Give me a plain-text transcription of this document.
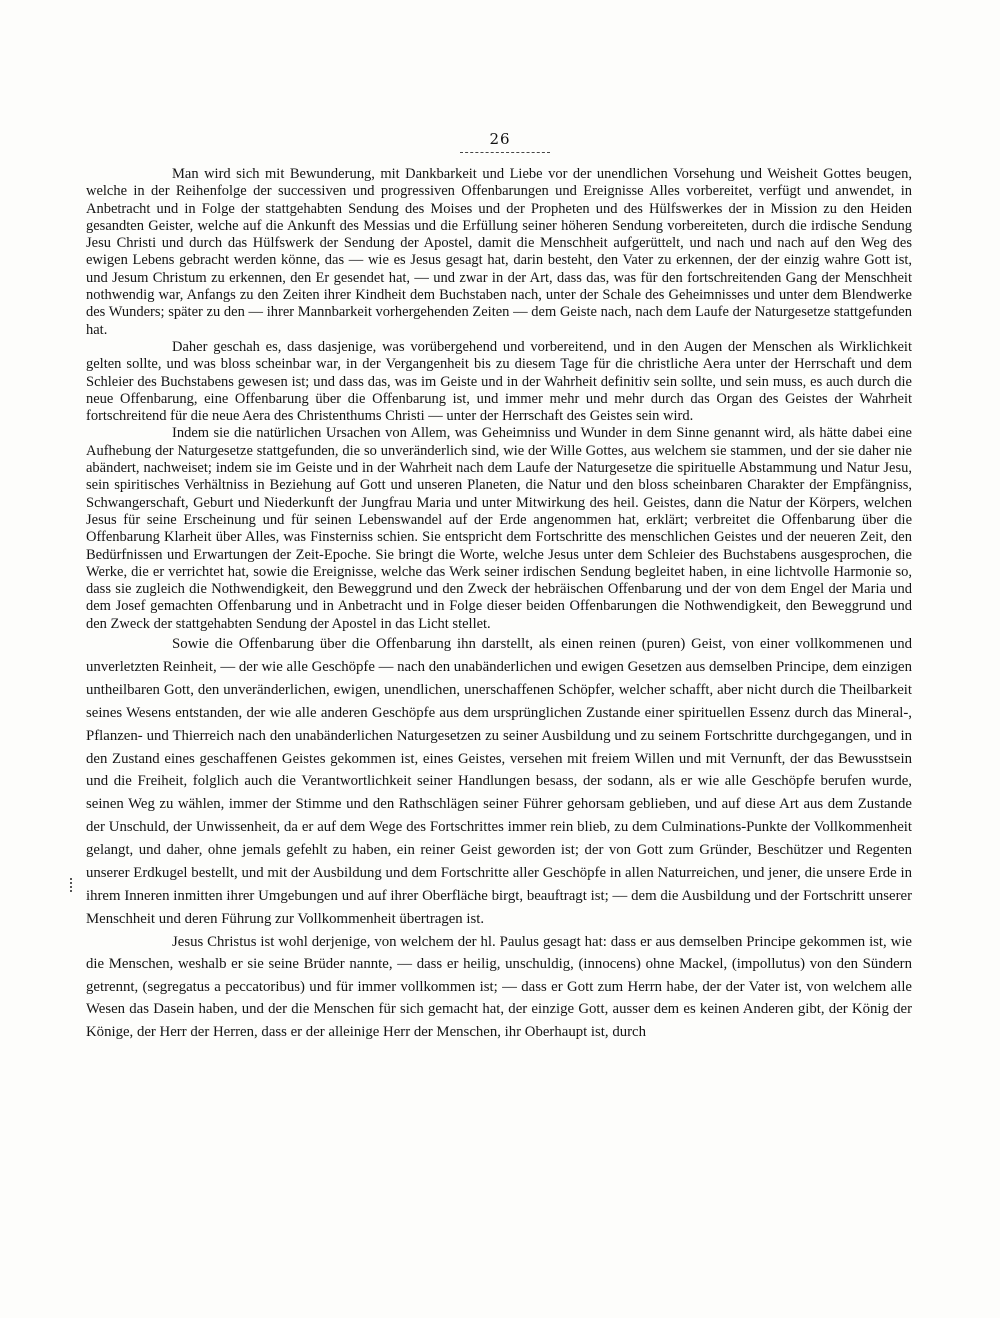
26

Man wird sich mit Bewunderung, mit Dankbarkeit und Liebe vor der unendlichen Vorsehung und Weisheit Gottes beugen, welche in der Reihenfolge der successiven und progressiven Offenbarungen und Ereignisse Alles vorbereitet, verfügt und anwendet, in Anbetracht und in Folge der stattgehabten Sendung des Moises und der Propheten und des Hülfswerkes der in Mission zu den Heiden gesandten Geister, welche auf die Ankunft des Messias und die Erfüllung seiner höheren Sendung vorbereiteten, durch die irdische Sendung Jesu Christi und durch das Hülfswerk der Sendung der Apostel, damit die Menschheit aufgerüttelt, und nach und nach auf den Weg des ewigen Lebens gebracht werden könne, das — wie es Jesus gesagt hat, darin besteht, den Vater zu erkennen, der der einzig wahre Gott ist, und Jesum Christum zu erkennen, den Er gesendet hat, — und zwar in der Art, dass das, was für den fortschreitenden Gang der Menschheit nothwendig war, Anfangs zu den Zeiten ihrer Kindheit dem Buchstaben nach, unter der Schale des Geheimnisses und unter dem Blendwerke des Wunders; später zu den — ihrer Mannbarkeit vorhergehenden Zeiten — dem Geiste nach, nach dem Laufe der Naturgesetze stattgefunden hat.

Daher geschah es, dass dasjenige, was vorübergehend und vorbereitend, und in den Augen der Menschen als Wirklichkeit gelten sollte, und was bloss scheinbar war, in der Vergangenheit bis zu diesem Tage für die christliche Aera unter der Herrschaft und dem Schleier des Buchstabens gewesen ist; und dass das, was im Geiste und in der Wahrheit definitiv sein sollte, und sein muss, es auch durch die neue Offenbarung, eine Offenbarung über die Offenbarung ist, und immer mehr und mehr durch das Organ des Geistes der Wahrheit fortschreitend für die neue Aera des Christenthums Christi — unter der Herrschaft des Geistes sein wird.

Indem sie die natürlichen Ursachen von Allem, was Geheimniss und Wunder in dem Sinne genannt wird, als hätte dabei eine Aufhebung der Naturgesetze stattgefunden, die so unveränderlich sind, wie der Wille Gottes, aus welchem sie stammen, und der sie daher nie abändert, nachweiset; indem sie im Geiste und in der Wahrheit nach dem Laufe der Naturgesetze die spirituelle Abstammung und Natur Jesu, sein spiritisches Verhältniss in Beziehung auf Gott und unseren Planeten, die Natur und den bloss scheinbaren Charakter der Empfängniss, Schwangerschaft, Geburt und Niederkunft der Jungfrau Maria und unter Mitwirkung des heil. Geistes, dann die Natur der Körpers, welchen Jesus für seine Erscheinung und für seinen Lebenswandel auf der Erde angenommen hat, erklärt; verbreitet die Offenbarung über die Offenbarung Klarheit über Alles, was Finsterniss schien. Sie entspricht dem Fortschritte des menschlichen Geistes und der neueren Zeit, den Bedürfnissen und Erwartungen der Zeit-Epoche. Sie bringt die Worte, welche Jesus unter dem Schleier des Buchstabens ausgesprochen, die Werke, die er verrichtet hat, sowie die Ereignisse, welche das Werk seiner irdischen Sendung begleitet haben, in eine lichtvolle Harmonie so, dass sie zugleich die Nothwendigkeit, den Beweggrund und den Zweck der hebräischen Offenbarung und der von dem Engel der Maria und dem Josef gemachten Offenbarung und in Anbetracht und in Folge dieser beiden Offenbarungen die Nothwendigkeit, den Beweggrund und den Zweck der stattgehabten Sendung der Apostel in das Licht stellet.

Sowie die Offenbarung über die Offenbarung ihn darstellt, als einen reinen (puren) Geist, von einer vollkommenen und unverletzten Reinheit, — der wie alle Geschöpfe — nach den unabänderlichen und ewigen Gesetzen aus demselben Principe, dem einzigen untheilbaren Gott, den unveränderlichen, ewigen, unendlichen, unerschaffenen Schöpfer, welcher schafft, aber nicht durch die Theilbarkeit seines Wesens entstanden, der wie alle anderen Geschöpfe aus dem ursprünglichen Zustande einer spirituellen Essenz durch das Mineral-, Pflanzen- und Thierreich nach den unabänderlichen Naturgesetzen zu seiner Ausbildung und zu seinem Fortschritte durchgegangen, und in den Zustand eines geschaffenen Geistes gekommen ist, eines Geistes, versehen mit freiem Willen und mit Vernunft, der das Bewusstsein und die Freiheit, folglich auch die Verantwortlichkeit seiner Handlungen besass, der sodann, als er wie alle Geschöpfe berufen wurde, seinen Weg zu wählen, immer der Stimme und den Rathschlägen seiner Führer gehorsam geblieben, und auf diese Art aus dem Zustande der Unschuld, der Unwissenheit, da er auf dem Wege des Fortschrittes immer rein blieb, zu dem Culminations-Punkte der Vollkommenheit gelangt, und daher, ohne jemals gefehlt zu haben, ein reiner Geist geworden ist; der von Gott zum Gründer, Beschützer und Regenten unserer Erdkugel bestellt, und mit der Ausbildung und dem Fortschritte aller Geschöpfe in allen Naturreichen, und jener, die unsere Erde in ihrem Inneren inmitten ihrer Umgebungen und auf ihrer Oberfläche birgt, beauftragt ist; — dem die Ausbildung und der Fortschritt unserer Menschheit und deren Führung zur Vollkommenheit übertragen ist.

Jesus Christus ist wohl derjenige, von welchem der hl. Paulus gesagt hat: dass er aus demselben Principe gekommen ist, wie die Menschen, weshalb er sie seine Brüder nannte, — dass er heilig, unschuldig, (innocens) ohne Mackel, (impollutus) von den Sündern getrennt, (segregatus a peccatoribus) und für immer vollkommen ist; — dass er Gott zum Herrn habe, der der Vater ist, von welchem alle Wesen das Dasein haben, und der die Menschen für sich gemacht hat, der einzige Gott, ausser dem es keinen Anderen gibt, der König der Könige, der Herr der Herren, dass er der alleinige Herr der Menschen, ihr Oberhaupt ist, durch
